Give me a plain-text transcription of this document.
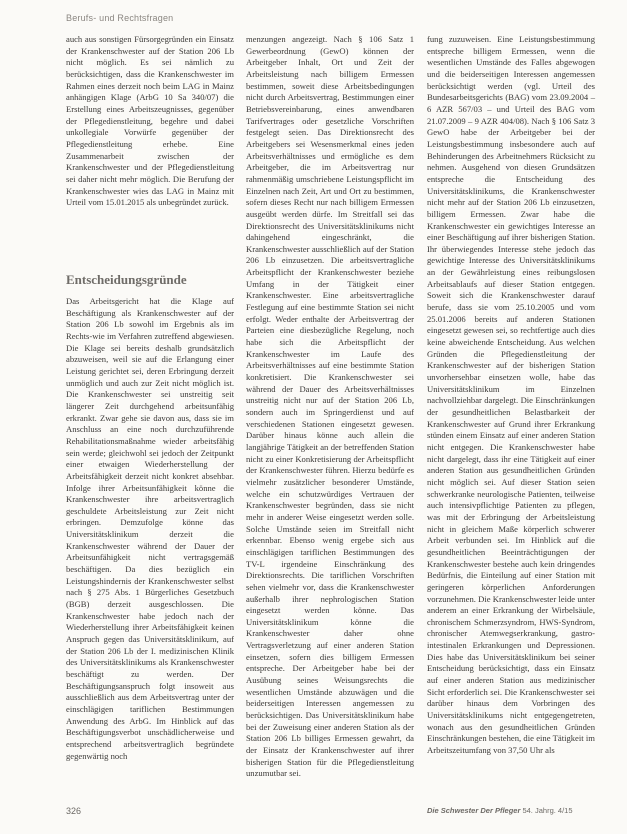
Berufs- und Rechtsfragen

auch aus sonstigen Fürsorgegründen ein Einsatz der Krankenschwester auf der Station 206 Lb nicht möglich. Es sei nämlich zu berücksichtigen, dass die Krankenschwester im Rahmen eines derzeit noch beim LAG in Mainz anhängigen Klage (ArbG 10 Sa 340/07) die Erstellung eines Arbeitszeugnisses, gegenüber der Pflegedienstleitung, begehre und dabei unkollegiale Vorwürfe gegenüber der Pflegedienstleitung erhebe. Eine Zusammenarbeit zwischen der Krankenschwester und der Pflegedienstleitung sei daher nicht mehr möglich. Die Berufung der Krankenschwester wies das LAG in Mainz mit Urteil vom 15.01.2015 als unbegründet zurück.

Entscheidungsgründe

Das Arbeitsgericht hat die Klage auf Beschäftigung als Krankenschwester auf der Station 206 Lb sowohl im Ergebnis als im Rechts-wie im Verfahren zutreffend abgewiesen. Die Klage sei bereits deshalb grundsätzlich abzuweisen, weil sie auf die Erlangung einer Leistung gerichtet sei, deren Erbringung derzeit unmöglich und auch zur Zeit nicht möglich ist. Die Krankenschwester sei unstreitig seit längerer Zeit durchgehend arbeitsunfähig erkrankt. Zwar gehe sie davon aus, dass sie im Anschluss an eine noch durchzuführende Rehabilitationsmaßnahme wieder arbeitsfähig sein werde; gleichwohl sei jedoch der Zeitpunkt einer etwaigen Wiederherstellung der Arbeitsfähigkeit derzeit nicht konkret absehbar. Infolge ihrer Arbeitsunfähigkeit könne die Krankenschwester ihre arbeitsvertraglich geschuldete Arbeitsleistung zur Zeit nicht erbringen. Demzufolge könne das Universitätsklinikum derzeit die Krankenschwester während der Dauer der Arbeitsunfähigkeit nicht vertragsgemäß beschäftigen. Da dies bezüglich ein Leistungshindernis der Krankenschwester selbst nach § 275 Abs. 1 Bürgerliches Gesetzbuch (BGB) derzeit ausgeschlossen. Die Krankenschwester habe jedoch nach der Wiederherstellung ihrer Arbeitsfähigkeit keinen Anspruch gegen das Universitätsklinikum, auf der Station 206 Lb der I. medizinischen Klinik des Universitätsklinikums als Krankenschwester beschäftigt zu werden. Der Beschäftigungsanspruch folgt insoweit aus ausschließlich aus dem Arbeitsvertrag unter der einschlägigen tariflichen Bestimmungen Anwendung des ArbG. Im Hinblick auf das Beschäftigungsverbot unschädlicherweise und entsprechend arbeitsvertraglich begründete gegenwärtig noch

menzungen angezeigt. Nach § 106 Satz 1 Gewerbeordnung (GewO) können der Arbeitgeber Inhalt, Ort und Zeit der Arbeitsleistung nach billigem Ermessen bestimmen, soweit diese Arbeitsbedingungen nicht durch Arbeitsvertrag, Bestimmungen einer Betriebsvereinbarung, eines anwendbaren Tarifvertrages oder gesetzliche Vorschriften festgelegt seien. Das Direktionsrecht des Arbeitgebers sei Wesensmerkmal eines jeden Arbeitsverhältnisses und ermögliche es dem Arbeitgeber, die im Arbeitsvertrag nur rahmenmäßig umschriebene Leistungspflicht im Einzelnen nach Zeit, Art und Ort zu bestimmen, sofern dieses Recht nur nach billigem Ermessen ausgeübt werden dürfe. Im Streitfall sei das Direktionsrecht des Universitätsklinikums nicht dahingehend eingeschränkt, die Krankenschwester ausschließlich auf der Station 206 Lb einzusetzen. Die arbeitsvertragliche Arbeitspflicht der Krankenschwester beziehe Umfang in der Tätigkeit einer Krankenschwester. Eine arbeitsvertragliche Festlegung auf eine bestimmte Station sei nicht erfolgt. Weder enthalte der Arbeitsvertrag der Parteien eine diesbezügliche Regelung, noch habe sich die Arbeitspflicht der Krankenschwester im Laufe des Arbeitsverhältnisses auf eine bestimmte Station konkretisiert. Die Krankenschwester sei während der Dauer des Arbeitsverhältnisses unstreitig nicht nur auf der Station 206 Lb, sondern auch im Springerdienst und auf verschiedenen Stationen eingesetzt gewesen. Darüber hinaus könne auch allein die langjährige Tätigkeit an der betreffenden Station nicht zu einer Konkretisierung der Arbeitspflicht der Krankenschwester führen. Hierzu bedürfe es vielmehr zusätzlicher besonderer Umstände, welche ein schutzwürdiges Vertrauen der Krankenschwester begründen, dass sie nicht mehr in anderer Weise eingesetzt werden solle. Solche Umstände seien im Streitfall nicht erkennbar. Ebenso wenig ergebe sich aus einschlägigen tariflichen Bestimmungen des TV-L irgendeine Einschränkung des Direktionsrechts. Die tariflichen Vorschriften sehen vielmehr vor, dass die Krankenschwester außerhalb ihrer nephrologischen Station eingesetzt werden könne. Das Universitätsklinikum könne die Krankenschwester daher ohne Vertragsverletzung auf einer anderen Station einsetzen, sofern dies billigem Ermessen entspreche. Der Arbeitgeber habe bei der Ausübung seines Weisungsrechts die wesentlichen Umstände abzuwägen und die beiderseitigen Interessen angemessen zu berücksichtigen. Das Universitätsklinikum habe bei der Zuweisung einer anderen Station als der Station 206 Lb billiges Ermessen gewahrt, da der Einsatz der Krankenschwester auf ihrer bisherigen Station für die Pflegedienstleitung unzumutbar sei.

fung zuzuweisen. Eine Leistungsbestimmung entspreche billigem Ermessen, wenn die wesentlichen Umstände des Falles abgewogen und die beiderseitigen Interessen angemessen berücksichtigt werden (vgl. Urteil des Bundesarbeitsgerichts (BAG) vom 23.09.2004 – 6 AZR 567/03 – und Urteil des BAG vom 21.07.2009 – 9 AZR 404/08). Nach § 106 Satz 3 GewO habe der Arbeitgeber bei der Leistungsbestimmung insbesondere auch auf Behinderungen des Arbeitnehmers Rücksicht zu nehmen. Ausgehend von diesen Grundsätzen entspreche die Entscheidung des Universitätsklinikums, die Krankenschwester nicht mehr auf der Station 206 Lb einzusetzen, billigem Ermessen. Zwar habe die Krankenschwester ein gewichtiges Interesse an einer Beschäftigung auf ihrer bisherigen Station. Ihr überwiegendes Interesse stehe jedoch das gewichtige Interesse des Universitätsklinikums an der Gewährleistung eines reibungslosen Arbeitsablaufs auf dieser Station entgegen. Soweit sich die Krankenschwester darauf berufe, dass sie vom 25.10.2005 und vom 25.01.2006 bereits auf anderen Stationen eingesetzt gewesen sei, so rechtfertige auch dies keine abweichende Entscheidung. Aus welchen Gründen die Pflegedienstleitung der Krankenschwester auf der bisherigen Station unvorhersehbar einsetzen wolle, habe das Universitätsklinikum im Einzelnen nachvollziehbar dargelegt. Die Einschränkungen der gesundheitlichen Belastbarkeit der Krankenschwester auf Grund ihrer Erkrankung stünden einem Einsatz auf einer anderen Station nicht entgegen. Die Krankenschwester habe nicht dargelegt, dass ihr eine Tätigkeit auf einer anderen Station aus gesundheitlichen Gründen nicht möglich sei. Auf dieser Station seien schwerkranke neurologische Patienten, teilweise auch intensivpflichtige Patienten zu pflegen, was mit der Erbringung der Arbeitsleistung nicht in gleichem Maße körperlich schwerer Arbeit verbunden sei. Im Hinblick auf die gesundheitlichen Beeinträchtigungen der Krankenschwester bestehe auch kein dringendes Bedürfnis, die Einteilung auf einer Station mit geringeren körperlichen Anforderungen vorzunehmen. Die Krankenschwester leide unter anderem an einer Erkrankung der Wirbelsäule, chronischem Schmerzsyndrom, HWS-Syndrom, chronischer Atemwegserkrankung, gastro-intestinalen Erkrankungen und Depressionen. Dies habe das Universitätsklinikum bei seiner Entscheidung berücksichtigt, dass ein Einsatz auf einer anderen Station aus medizinischer Sicht erforderlich sei. Die Krankenschwester sei darüber hinaus dem Vorbringen des Universitätsklinikums nicht entgegengetreten, wonach aus den gesundheitlichen Gründen Einschränkungen bestehen, die eine Tätigkeit im Arbeitszeitumfang von 37,50 Uhr als

326	Die Schwester Der Pfleger 54. Jahrg. 4/15
